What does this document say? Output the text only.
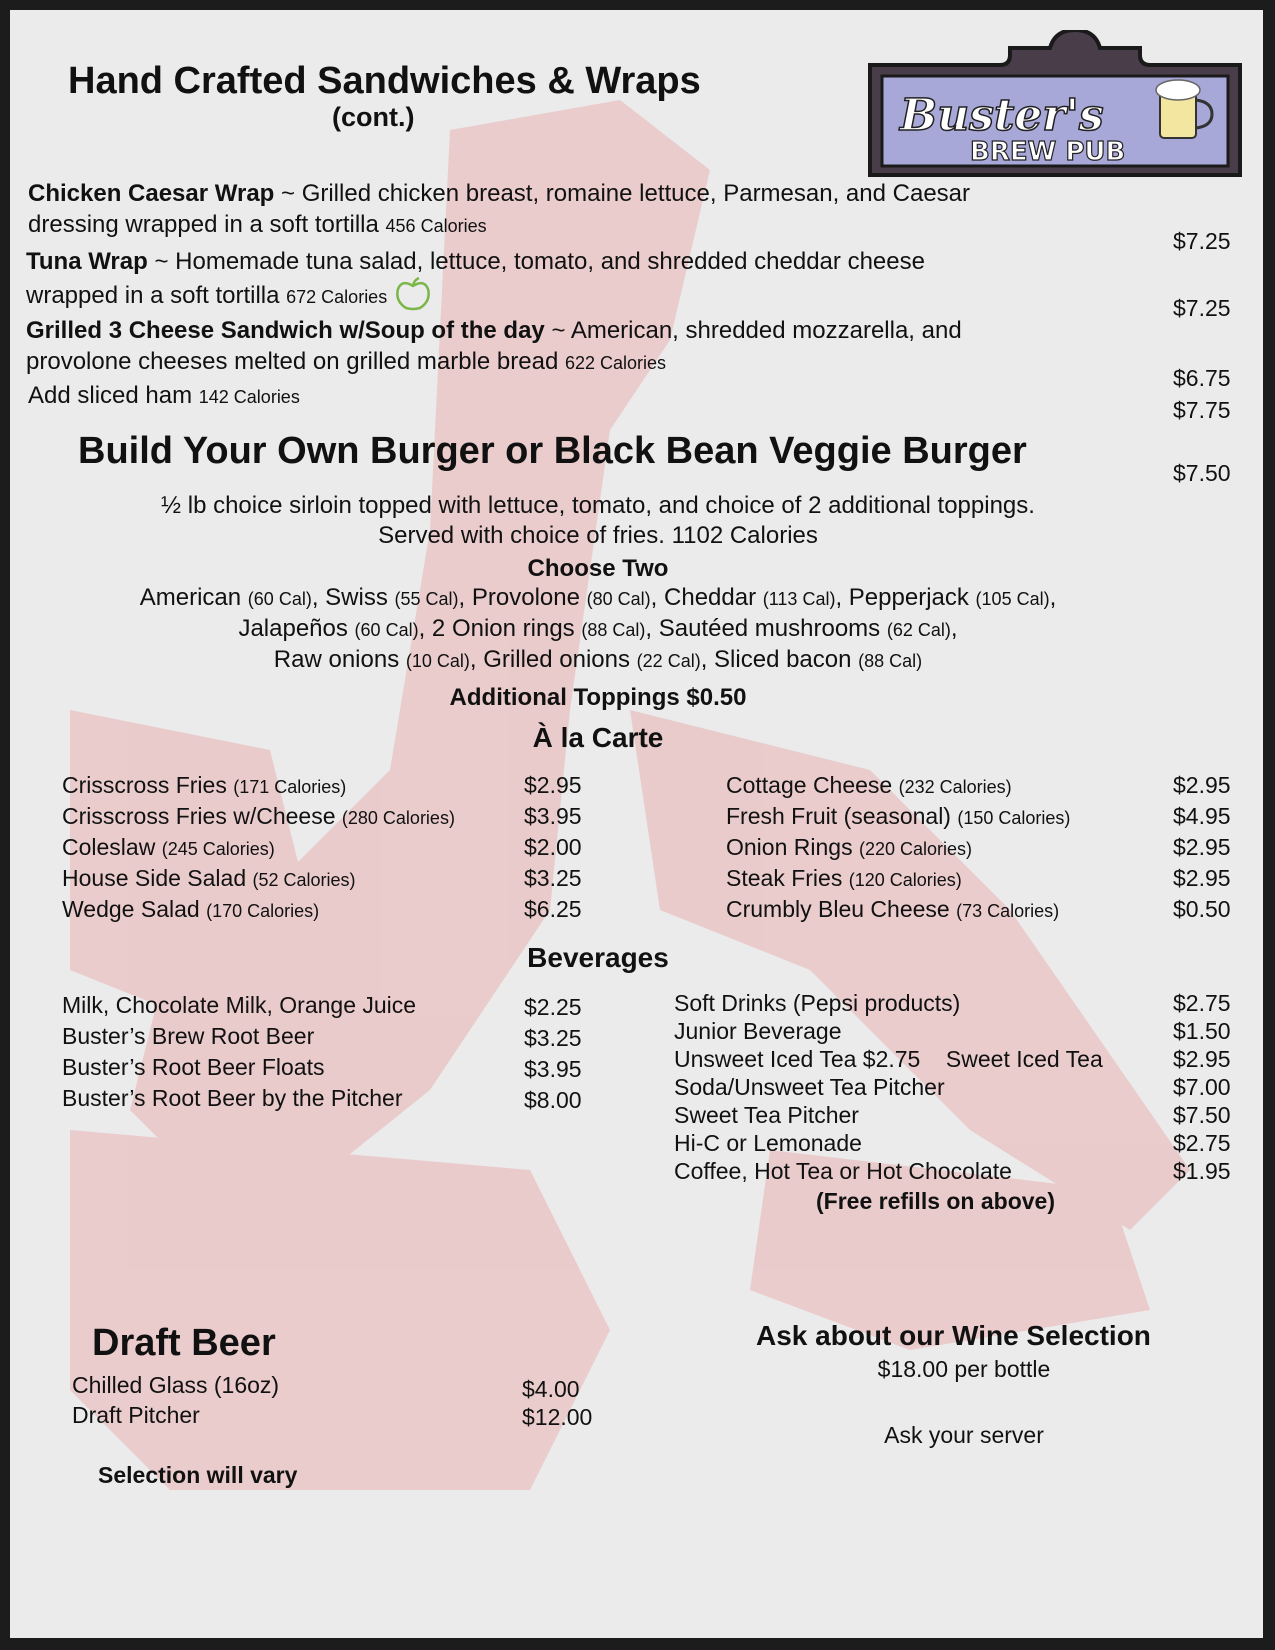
Buster's
BREW PUB
Hand Crafted Sandwiches & Wraps
(cont.)
Chicken Caesar Wrap ~ Grilled chicken breast, romaine lettuce, Parmesan, and Caesar
dressing wrapped in a soft tortilla 456 Calories
$7.25
Tuna Wrap ~ Homemade tuna salad, lettuce, tomato, and shredded cheddar cheese
wrapped in a soft tortilla 672 Calories	$7.25
Grilled 3 Cheese Sandwich w/Soup of the day ~ American, shredded mozzarella, and
provolone cheeses melted on grilled marble bread 622 Calories
$6.75
Add sliced ham 142 Calories	$7.75
Build Your Own Burger or Black Bean Veggie Burger
$7.50
½ lb choice sirloin topped with lettuce, tomato, and choice of 2 additional toppings.
Served with choice of fries. 1102 Calories
Choose Two
American (60 Cal), Swiss (55 Cal), Provolone (80 Cal), Cheddar (113 Cal), Pepperjack (105 Cal),
Jalapeños (60 Cal), 2 Onion rings (88 Cal), Sautéed mushrooms (62 Cal),
Raw onions (10 Cal), Grilled onions (22 Cal), Sliced bacon (88 Cal)
Additional Toppings $0.50
À la Carte
Crisscross Fries (171 Calories)
Crisscross Fries w/Cheese (280 Calories)
Coleslaw (245 Calories)
House Side Salad (52 Calories)
Wedge Salad (170 Calories)
$2.95
$3.95
$2.00
$3.25
$6.25
Cottage Cheese (232 Calories)
Fresh Fruit (seasonal) (150 Calories)
Onion Rings (220 Calories)
Steak Fries (120 Calories)
Crumbly Bleu Cheese (73 Calories)
$2.95
$4.95
$2.95
$2.95
$0.50
Beverages
Milk, Chocolate Milk, Orange Juice
Buster’s Brew Root Beer
Buster’s Root Beer Floats
Buster’s Root Beer by the Pitcher
$2.25
$3.25
$3.95
$8.00
Soft Drinks (Pepsi products)
Junior Beverage
Unsweet Iced Tea $2.75 Sweet Iced Tea
Soda/Unsweet Tea Pitcher
Sweet Tea Pitcher
Hi-C or Lemonade
Coffee, Hot Tea or Hot Chocolate
$2.75
$1.50
$2.95
$7.00
$7.50
$2.75
$1.95
(Free refills on above)
Draft Beer
Chilled Glass (16oz)
Draft Pitcher
$4.00
$12.00
Selection will vary
Ask about our Wine Selection
$18.00 per bottle
Ask your server
